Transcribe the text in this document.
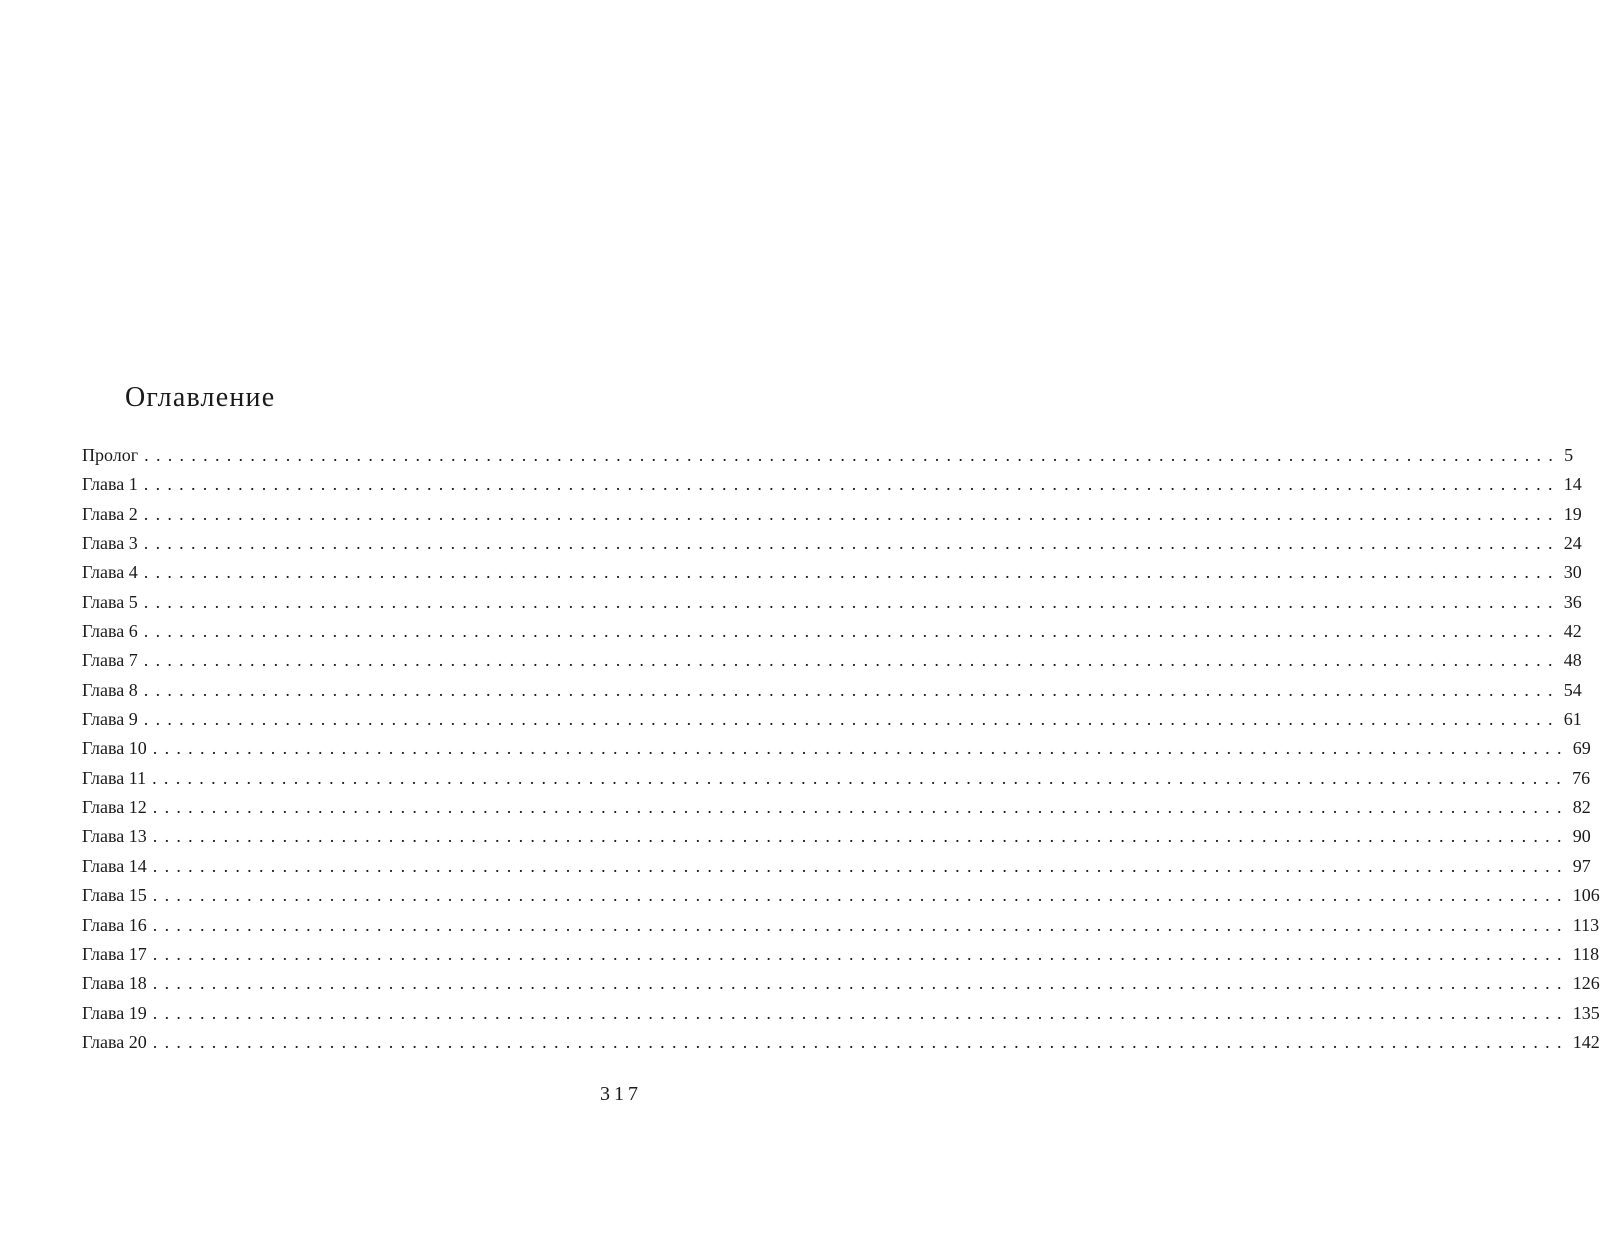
Оглавление
Пролог ........................................................................................................................ 5
Глава 1 ........................................................................................................................ 14
Глава 2 ........................................................................................................................ 19
Глава 3 ........................................................................................................................ 24
Глава 4 ........................................................................................................................ 30
Глава 5 ........................................................................................................................ 36
Глава 6 ........................................................................................................................ 42
Глава 7 ........................................................................................................................ 48
Глава 8 ........................................................................................................................ 54
Глава 9 ........................................................................................................................ 61
Глава 10 ........................................................................................................................ 69
Глава 11 ........................................................................................................................ 76
Глава 12 ........................................................................................................................ 82
Глава 13 ........................................................................................................................ 90
Глава 14 ........................................................................................................................ 97
Глава 15 ........................................................................................................................ 106
Глава 16 ........................................................................................................................ 113
Глава 17 ........................................................................................................................ 118
Глава 18 ........................................................................................................................ 126
Глава 19 ........................................................................................................................ 135
Глава 20 ........................................................................................................................ 142
317
